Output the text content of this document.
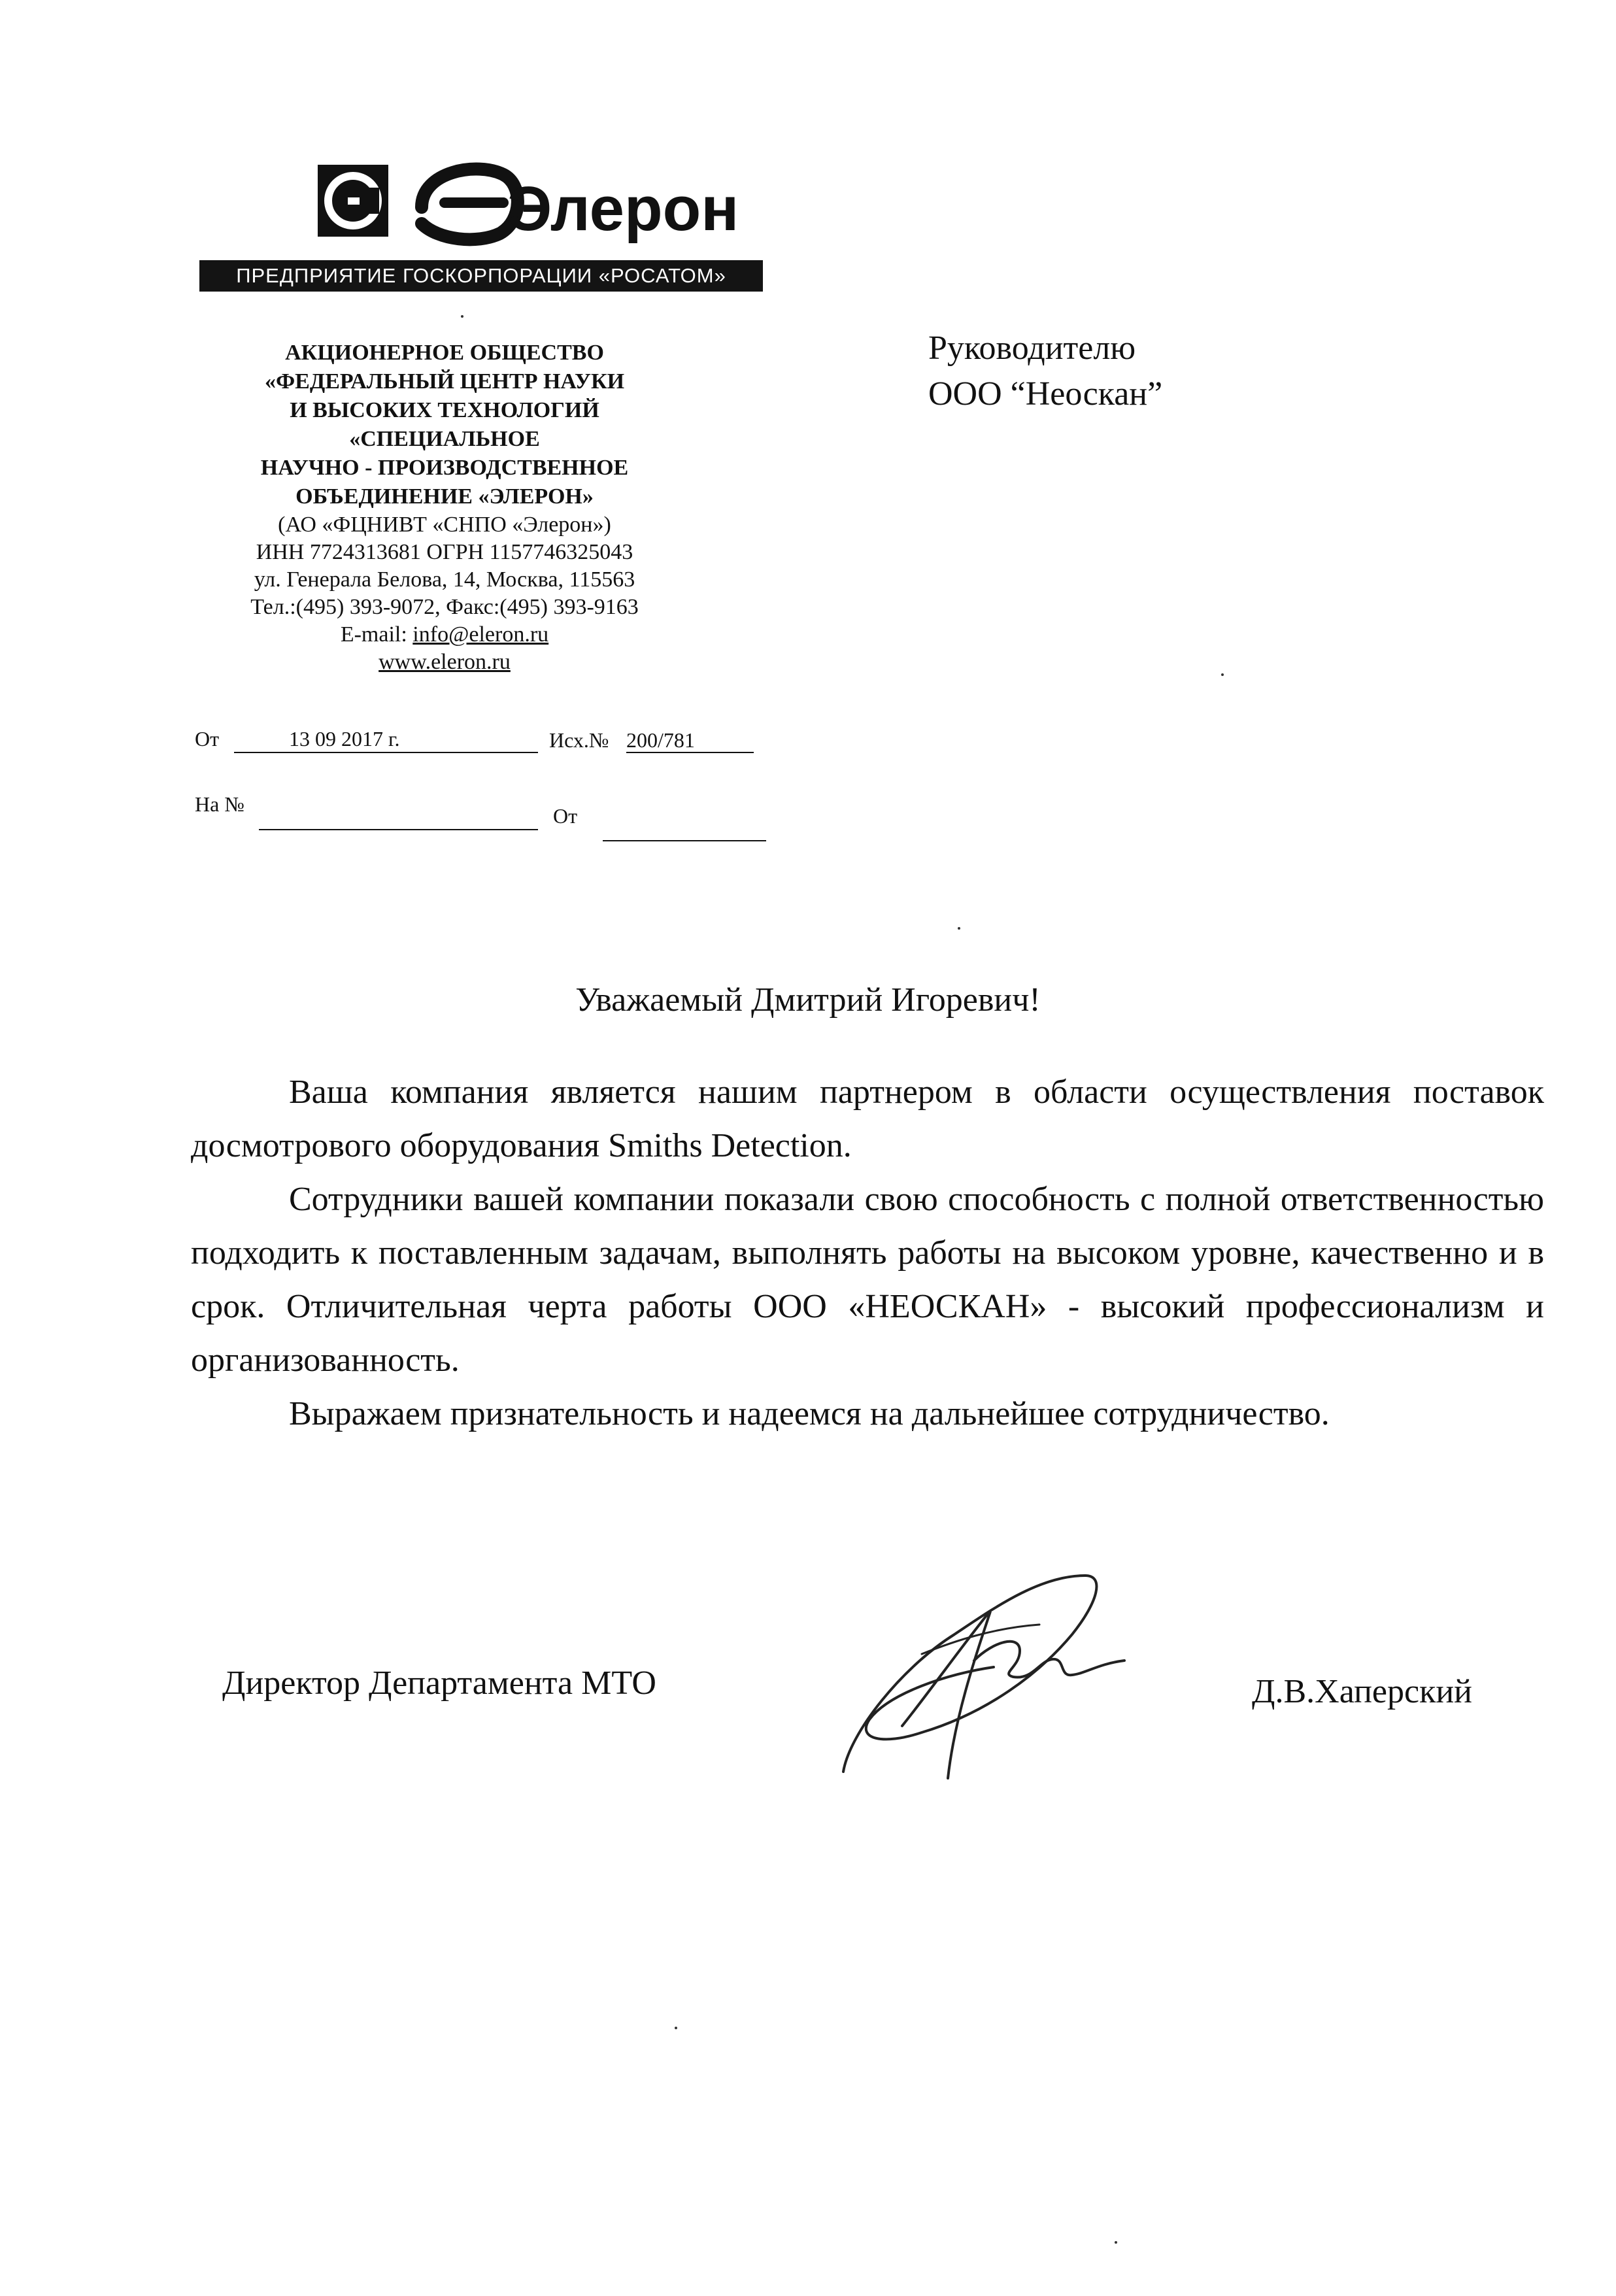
Элерон
ПРЕДПРИЯТИЕ ГОСКОРПОРАЦИИ «РОСАТОМ»
АКЦИОНЕРНОЕ ОБЩЕСТВО
«ФЕДЕРАЛЬНЫЙ ЦЕНТР НАУКИ
И ВЫСОКИХ ТЕХНОЛОГИЙ
«СПЕЦИАЛЬНОЕ
НАУЧНО - ПРОИЗВОДСТВЕННОЕ
ОБЪЕДИНЕНИЕ «ЭЛЕРОН»
(АО «ФЦНИВТ «СНПО «Элерон»)
ИНН 7724313681 ОГРН 1157746325043
ул. Генерала Белова, 14, Москва, 115563
Тел.:(495) 393-9072, Факс:(495) 393-9163
E-mail: info@eleron.ru
www.eleron.ru
Руководителю
ООО “Неоскан”
От	13 09 2017 г.	Исх.№ 200/781
На №	От
Уважаемый Дмитрий Игоревич!

Ваша компания является нашим партнером в области осуществления поставок досмотрового оборудования Smiths Detection.

Сотрудники вашей компании показали свою способность с полной ответственностью подходить к поставленным задачам, выполнять работы на высоком уровне, качественно и в срок. Отличительная черта работы ООО «НЕОСКАН» - высокий профессионализм и организованность.

Выражаем признательность и надеемся на дальнейшее сотрудничество.

Директор Департамента МТО	Д.В.Хаперский
